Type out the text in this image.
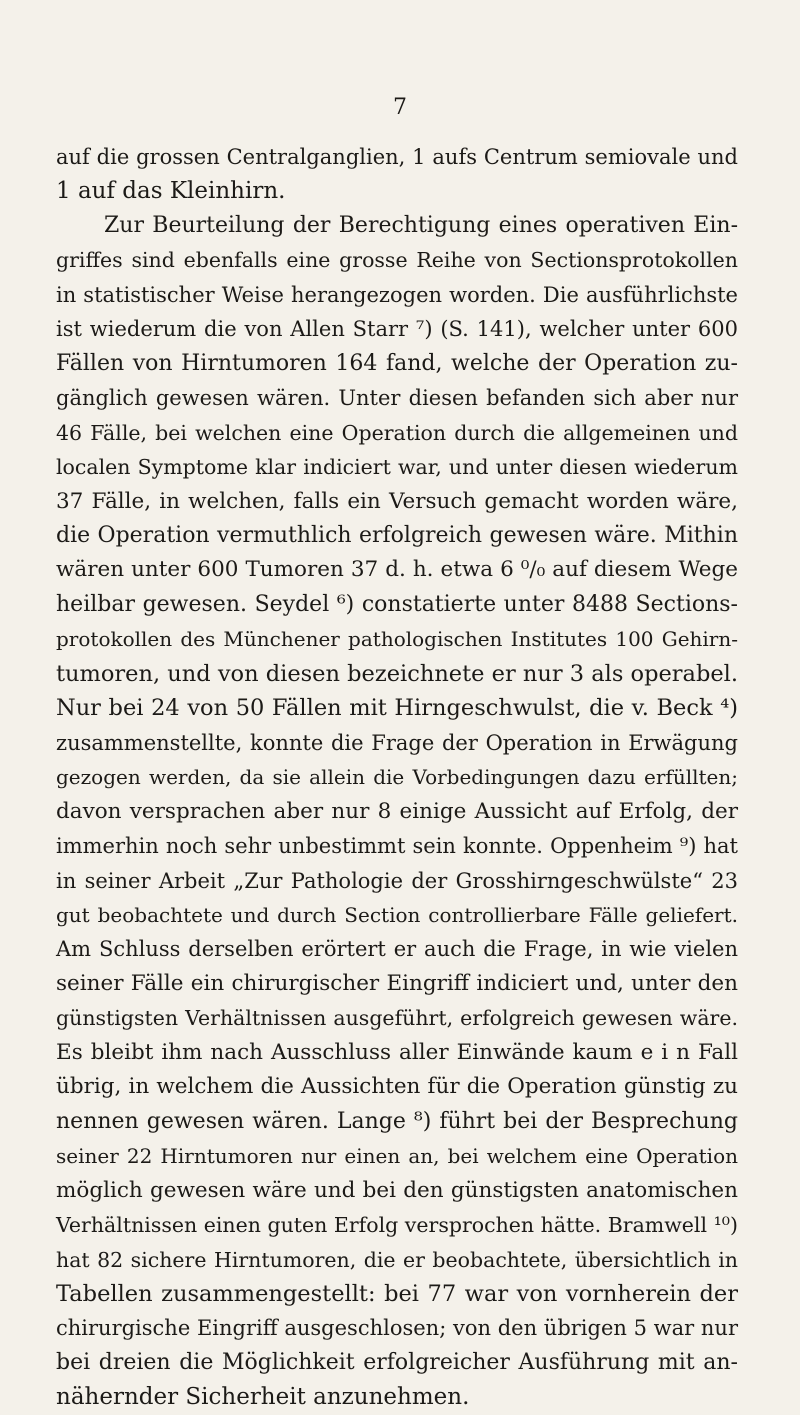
7
auf die grossen Centralganglien, 1 aufs Centrum semiovale und
1 auf das Kleinhirn.
Zur Beurteilung der Berechtigung eines operativen Ein-
griffes sind ebenfalls eine grosse Reihe von Sectionsprotokollen
in statistischer Weise herangezogen worden. Die ausführlichste
ist wiederum die von Allen Starr ⁷) (S. 141), welcher unter 600
Fällen von Hirntumoren 164 fand, welche der Operation zu-
gänglich gewesen wären. Unter diesen befanden sich aber nur
46 Fälle, bei welchen eine Operation durch die allgemeinen und
localen Symptome klar indiciert war, und unter diesen wiederum
37 Fälle, in welchen, falls ein Versuch gemacht worden wäre,
die Operation vermuthlich erfolgreich gewesen wäre. Mithin
wären unter 600 Tumoren 37 d. h. etwa 6 ⁰/₀ auf diesem Wege
heilbar gewesen. Seydel ⁶) constatierte unter 8488 Sections-
protokollen des Münchener pathologischen Institutes 100 Gehirn-
tumoren, und von diesen bezeichnete er nur 3 als operabel.
Nur bei 24 von 50 Fällen mit Hirngeschwulst, die v. Beck ⁴)
zusammenstellte, konnte die Frage der Operation in Erwägung
gezogen werden, da sie allein die Vorbedingungen dazu erfüllten;
davon versprachen aber nur 8 einige Aussicht auf Erfolg, der
immerhin noch sehr unbestimmt sein konnte. Oppenheim ⁹) hat
in seiner Arbeit „Zur Pathologie der Grosshirngeschwülste“ 23
gut beobachtete und durch Section controllierbare Fälle geliefert.
Am Schluss derselben erörtert er auch die Frage, in wie vielen
seiner Fälle ein chirurgischer Eingriff indiciert und, unter den
günstigsten Verhältnissen ausgeführt, erfolgreich gewesen wäre.
Es bleibt ihm nach Ausschluss aller Einwände kaum e i n Fall
übrig, in welchem die Aussichten für die Operation günstig zu
nennen gewesen wären. Lange ⁸) führt bei der Besprechung
seiner 22 Hirntumoren nur einen an, bei welchem eine Operation
möglich gewesen wäre und bei den günstigsten anatomischen
Verhältnissen einen guten Erfolg versprochen hätte. Bramwell ¹⁰)
hat 82 sichere Hirntumoren, die er beobachtete, übersichtlich in
Tabellen zusammengestellt: bei 77 war von vornherein der
chirurgische Eingriff ausgeschlosen; von den übrigen 5 war nur
bei dreien die Möglichkeit erfolgreicher Ausführung mit an-
nähernder Sicherheit anzunehmen.
